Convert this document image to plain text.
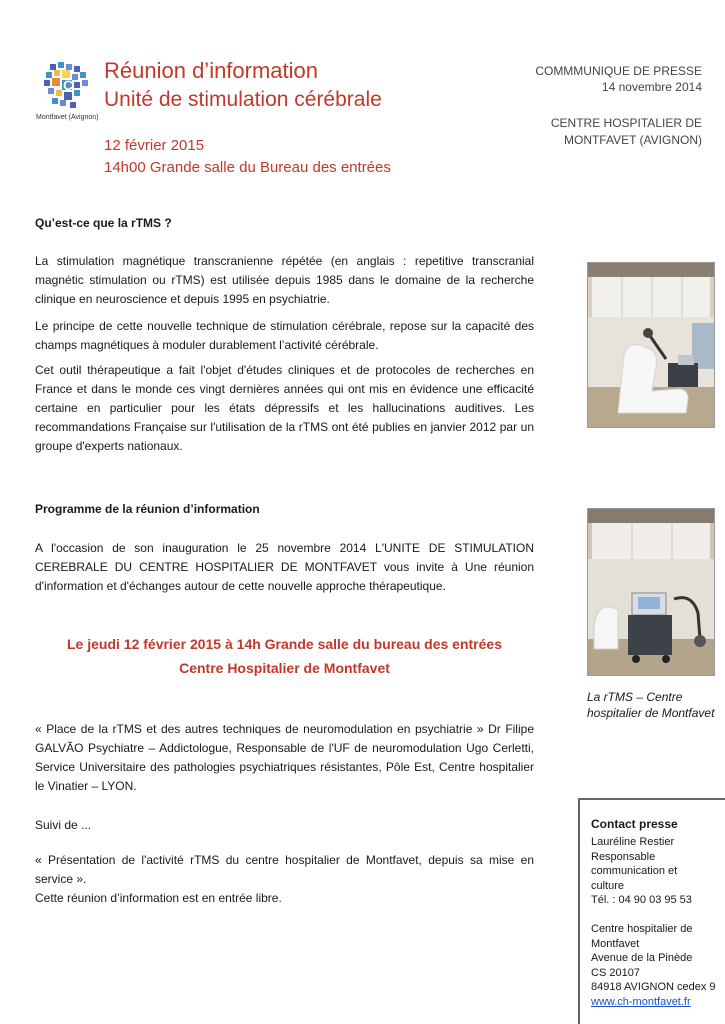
C
Montfavet (Avignon)
Réunion d’information
Unité de stimulation cérébrale
12 février 2015
14h00 Grande salle du Bureau des entrées
COMMMUNIQUE DE PRESSE
14 novembre 2014
CENTRE HOSPITALIER DE
MONTFAVET (AVIGNON)
Qu’est-ce que la rTMS ?

La stimulation magnétique transcranienne répétée (en anglais : repetitive transcranial magnétic stimulation ou rTMS) est utilisée depuis 1985 dans le domaine de la recherche clinique en neuroscience et depuis 1995 en psychiatrie.

Le principe de cette nouvelle technique de stimulation cérébrale, repose sur la capacité des champs magnétiques à moduler durablement l’activité cérébrale.

Cet outil thérapeutique a fait l'objet d'études cliniques et de protocoles de recherches en France et dans le monde ces vingt dernières années qui ont mis en évidence une efficacité certaine en particulier pour les états dépressifs et les hallucinations auditives. Les recommandations Française sur l'utilisation de la rTMS ont été publies en janvier 2012 par un groupe d'experts nationaux.

Programme de la réunion d’information

A l'occasion de son inauguration le 25 novembre 2014 L'UNITE DE STIMULATION CEREBRALE DU CENTRE HOSPITALIER DE MONTFAVET vous invite à Une réunion d'information et d'échanges autour de cette nouvelle approche thérapeutique.

Le jeudi 12 février 2015 à 14h Grande salle du bureau des entrées
Centre Hospitalier de Montfavet

« Place de la rTMS et des autres techniques de neuromodulation en psychiatrie » Dr Filipe GALVÃO Psychiatre – Addictologue, Responsable de l'UF de neuromodulation Ugo Cerletti, Service Universitaire des pathologies psychiatriques résistantes, Pôle Est, Centre hospitalier le Vinatier – LYON.

Suivi de ...

« Présentation de l'activité rTMS du centre hospitalier de Montfavet, depuis sa mise en service ».

Cette réunion d’information est en entrée libre.

La rTMS – Centre hospitalier de Montfavet
Contact presse
Lauréline Restier
Responsable
communication et
culture
Tél. : 04 90 03 95 53
Centre hospitalier de
Montfavet
Avenue de la Pinède
CS 20107
84918 AVIGNON cedex 9
www.ch-montfavet.fr
